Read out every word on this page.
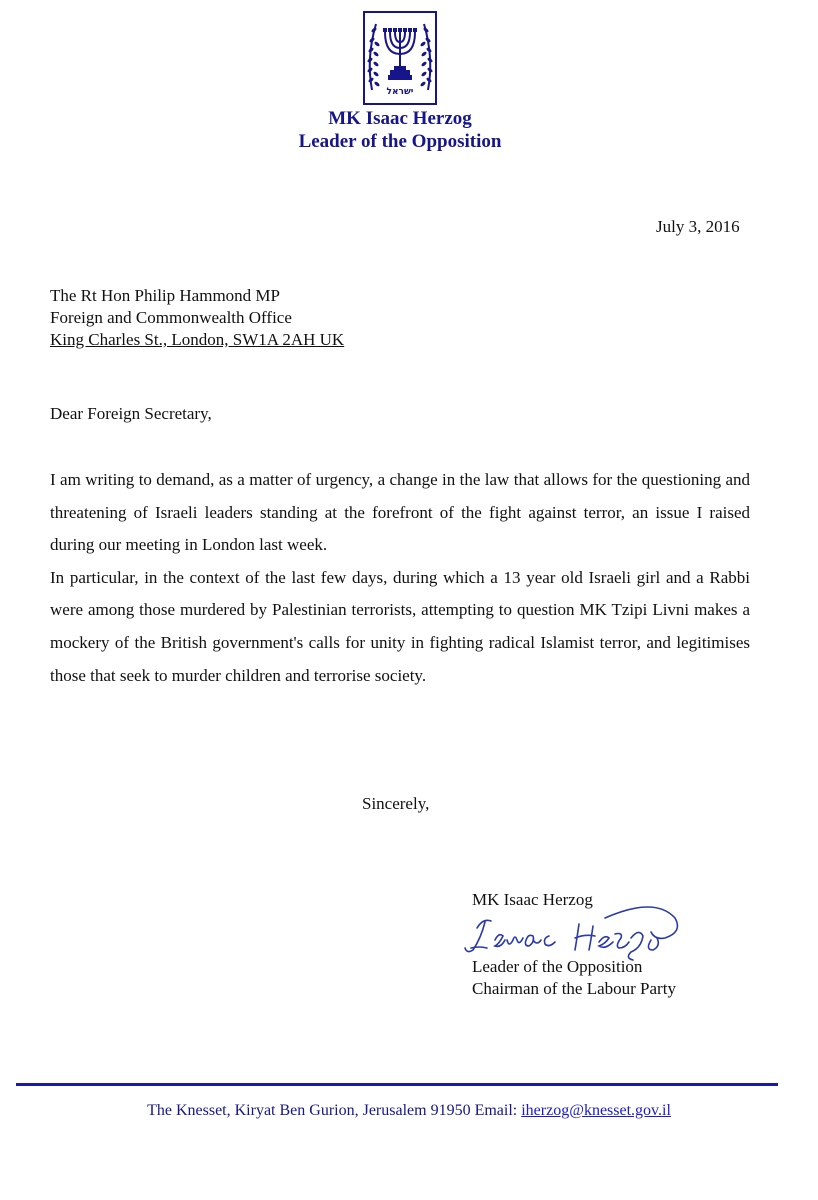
ישראל
MK Isaac Herzog
Leader of the Opposition
July 3, 2016
The Rt Hon Philip Hammond MP
Foreign and Commonwealth Office
King Charles St., London, SW1A 2AH UK
Dear Foreign Secretary,

I am writing to demand, as a matter of urgency, a change in the law that allows for the questioning and threatening of Israeli leaders standing at the forefront of the fight against terror, an issue I raised during our meeting in London last week.

In particular, in the context of the last few days, during which a 13 year old Israeli girl and a Rabbi were among those murdered by Palestinian terrorists, attempting to question MK Tzipi Livni makes a mockery of the British government's calls for unity in fighting radical Islamist terror, and legitimises those that seek to murder children and terrorise society.

Sincerely,
MK Isaac Herzog
Leader of the Opposition
Chairman of the Labour Party
The Knesset, Kiryat Ben Gurion, Jerusalem 91950 Email: iherzog@knesset.gov.il
